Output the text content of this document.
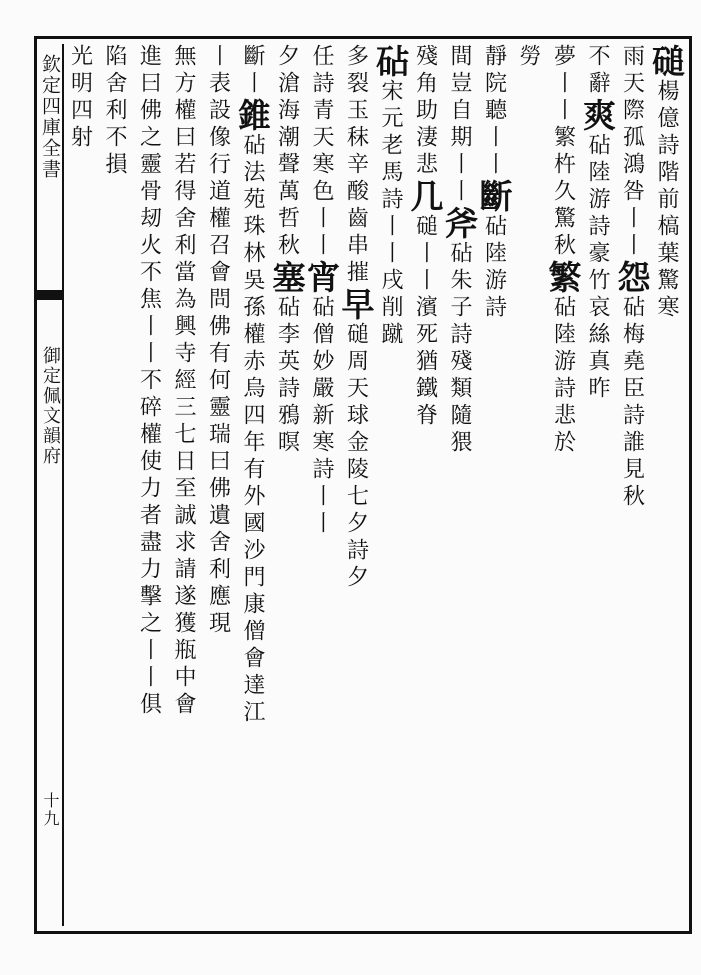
欽定四庫全書
御定佩文韻府
十九
磓楊億詩階前槁葉驚寒
雨天際孤鴻咎丨丨怨砧梅堯臣詩誰見秋
不辭爽砧陸游詩豪竹哀絲真昨
夢丨丨繁杵久驚秋繁砧陸游詩悲於
勞
靜院聽丨丨斷砧陸游詩
間豈自期丨丨斧砧朱子詩殘類隨猥
殘角助淒悲几磓丨丨濱死猶鐵脊
砧宋元老馬詩丨丨戌削蹴
多裂玉秣辛酸齒串摧早磓周天球金陵七夕詩夕
任詩青天寒色丨丨宵砧僧妙嚴新寒詩丨丨
夕滄海潮聲萬哲秋塞砧李英詩鴉暝
斷丨錐砧法苑珠林吳孫權赤烏四年有外國沙門康僧會達江
丨表設像行道權召會問佛有何靈瑞曰佛遺舍利應現
無方權曰若得舍利當為興寺經三七日至誠求請遂獲瓶中會
進曰佛之靈骨刼火不焦丨丨不碎權使力者盡力擊之丨丨俱
陷舍利不損
光明四射
